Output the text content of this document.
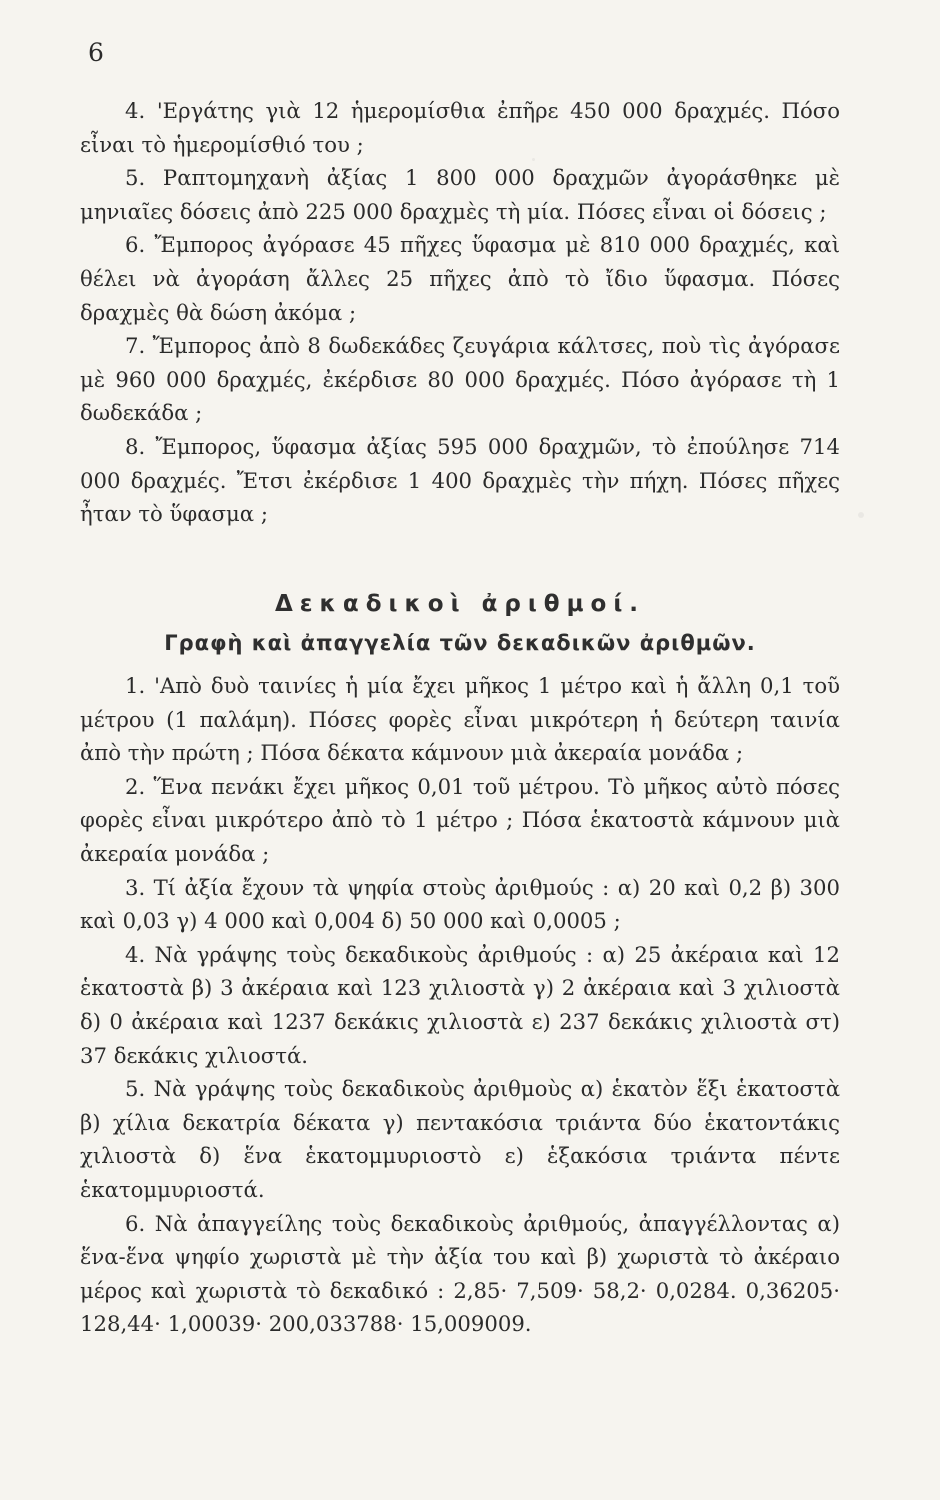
6

4. 'Εργάτης γιὰ 12 ἡμερομίσθια ἐπῆρε 450 000 δραχμές. Πόσο εἶναι τὸ ἡμερομίσθιό του ;

5. Ραπτομηχανὴ ἀξίας 1 800 000 δραχμῶν ἀγοράσθηκε μὲ μηνιαῖες δόσεις ἀπὸ 225 000 δραχμὲς τὴ μία. Πόσες εἶναι οἱ δόσεις ;

6. Ἔμπορος ἀγόρασε 45 πῆχες ὕφασμα μὲ 810 000 δραχμές, καὶ θέλει νὰ ἀγοράση ἄλλες 25 πῆχες ἀπὸ τὸ ἴδιο ὕφασμα. Πόσες δραχμὲς θὰ δώση ἀκόμα ;

7. Ἔμπορος ἀπὸ 8 δωδεκάδες ζευγάρια κάλτσες, ποὺ τὶς ἀγόρασε μὲ 960 000 δραχμές, ἐκέρδισε 80 000 δραχμές. Πόσο ἀγόρασε τὴ 1 δωδεκάδα ;

8. Ἔμπορος, ὕφασμα ἀξίας 595 000 δραχμῶν, τὸ ἐπούλησε 714 000 δραχμές. Ἔτσι ἐκέρδισε 1 400 δραχμὲς τὴν πήχη. Πόσες πῆχες ἦταν τὸ ὕφασμα ;

Δεκαδικοὶ ἀριθμοί.
Γραφὴ καὶ ἀπαγγελία τῶν δεκαδικῶν ἀριθμῶν.

1. 'Απὸ δυὸ ταινίες ἡ μία ἔχει μῆκος 1 μέτρο καὶ ἡ ἄλλη 0,1 τοῦ μέτρου (1 παλάμη). Πόσες φορὲς εἶναι μικρότερη ἡ δεύτερη ταινία ἀπὸ τὴν πρώτη ; Πόσα δέκατα κάμνουν μιὰ ἀκεραία μονάδα ;

2. Ἕνα πενάκι ἔχει μῆκος 0,01 τοῦ μέτρου. Τὸ μῆκος αὐτὸ πόσες φορὲς εἶναι μικρότερο ἀπὸ τὸ 1 μέτρο ; Πόσα ἑκατοστὰ κάμνουν μιὰ ἀκεραία μονάδα ;

3. Τί ἀξία ἔχουν τὰ ψηφία στοὺς ἀριθμούς : α) 20 καὶ 0,2 β) 300 καὶ 0,03 γ) 4 000 καὶ 0,004 δ) 50 000 καὶ 0,0005 ;

4. Νὰ γράψης τοὺς δεκαδικοὺς ἀριθμούς : α) 25 ἀκέραια καὶ 12 ἑκατοστὰ β) 3 ἀκέραια καὶ 123 χιλιοστὰ γ) 2 ἀκέραια καὶ 3 χιλιοστὰ δ) 0 ἀκέραια καὶ 1237 δεκάκις χιλιοστὰ ε) 237 δεκάκις χιλιοστὰ στ) 37 δεκάκις χιλιοστά.

5. Νὰ γράψης τοὺς δεκαδικοὺς ἀριθμοὺς α) ἑκατὸν ἕξι ἑκατοστὰ β) χίλια δεκατρία δέκατα γ) πεντακόσια τριάντα δύο ἑκατοντάκις χιλιοστὰ δ) ἕνα ἑκατομμυριοστὸ ε) ἑξακόσια τριάντα πέντε ἑκατομμυριοστά.

6. Νὰ ἀπαγγείλης τοὺς δεκαδικοὺς ἀριθμούς, ἀπαγγέλλοντας α) ἕνα-ἕνα ψηφίο χωριστὰ μὲ τὴν ἀξία του καὶ β) χωριστὰ τὸ ἀκέραιο μέρος καὶ χωριστὰ τὸ δεκαδικό : 2,85· 7,509· 58,2· 0,0284. 0,36205· 128,44· 1,00039· 200,033788· 15,009009.
